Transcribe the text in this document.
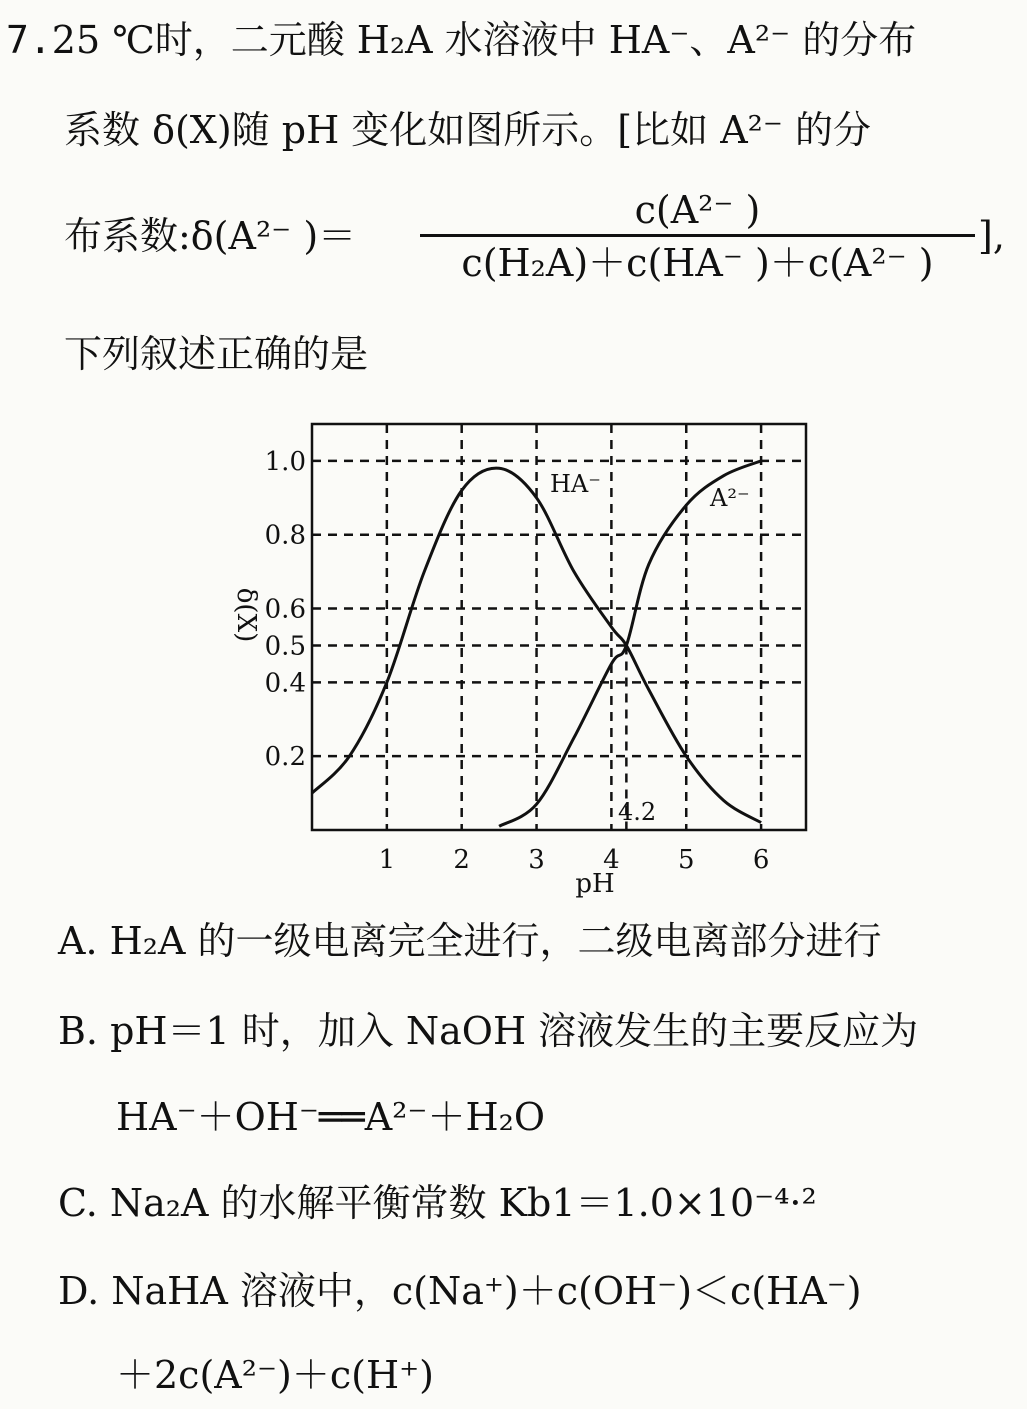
7.25 ℃时，二元酸 H₂A 水溶液中 HA⁻、A²⁻ 的分布
系数 δ(X)随 pH 变化如图所示。[比如 A²⁻ 的分
布系数:δ(A²⁻ )＝
c(A²⁻ )
c(H₂A)＋c(HA⁻ )＋c(A²⁻ )
],
下列叙述正确的是
1 2 3 4 5 6
0.2
0.4
0.5
0.6
0.8
1.0
pH
δ(X)
HA⁻	A²⁻
4.2
A. H₂A 的一级电离完全进行，二级电离部分进行
B. pH＝1 时，加入 NaOH 溶液发生的主要反应为
HA⁻＋OH⁻══A²⁻＋H₂O
C. Na₂A 的水解平衡常数 Kb1＝1.0×10⁻⁴·²
D. NaHA 溶液中，c(Na⁺)＋c(OH⁻)＜c(HA⁻)
＋2c(A²⁻)＋c(H⁺)
